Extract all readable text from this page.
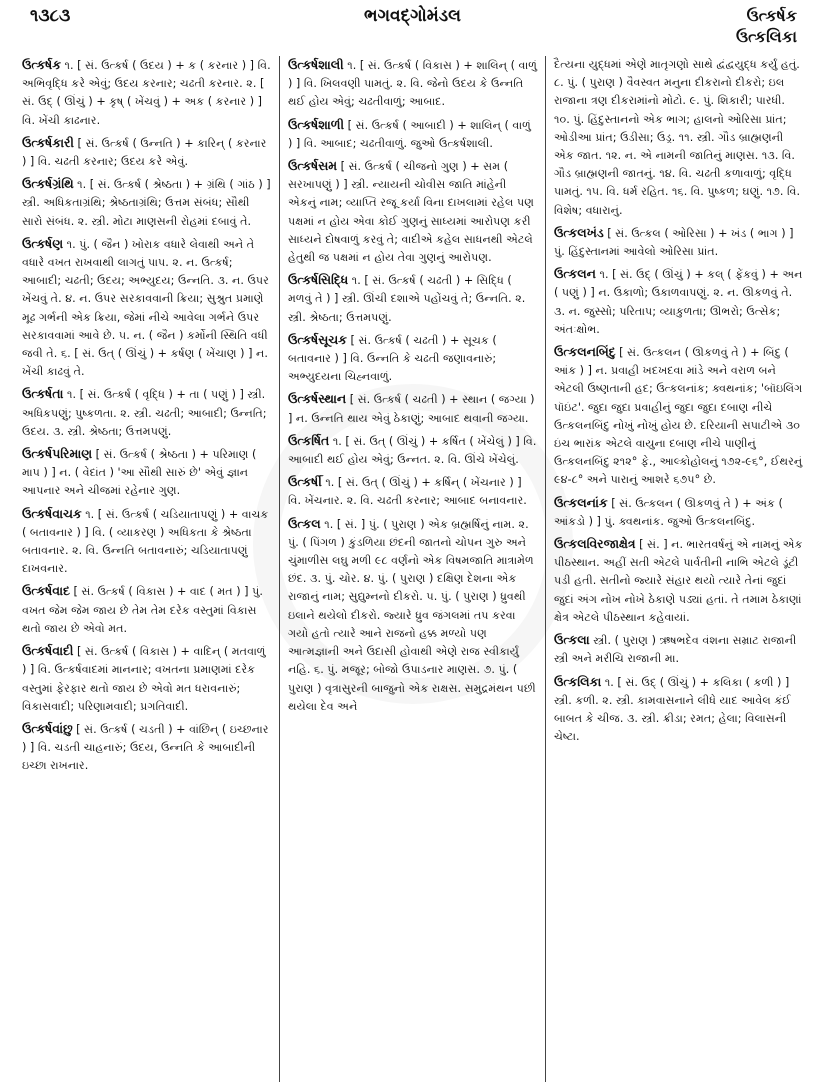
૧૩૮૩	ભગવદ્ગોમંડલ	ઉત્કર્ષક
ઉત્કલિકા
ઉત્કર્ષક ૧. [ સં. ઉત્કર્ષ ( ઉદય ) + ક ( કરનાર ) ] વિ. અભિવૃદ્ધિ કરે એવું; ઉદય કરનાર; ચઢતી કરનાર. ૨. [ સં. ઉદ્ ( ઊંચું ) + કૃષ્ ( ખેંચવું ) + અક ( કરનાર ) ] વિ. ખેંચી કાઢનાર.
ઉત્કર્ષકારી [ સં. ઉત્કર્ષ ( ઉન્નતિ ) + કારિન્ ( કરનાર ) ] વિ. ચઢતી કરનાર; ઉદય કરે એવું.
ઉત્કર્ષગ્રંથિ ૧. [ સં. ઉત્કર્ષ ( શ્રેષ્ઠતા ) + ગ્રંથિ ( ગાંઠ ) ] સ્ત્રી. અધિકતાગ્રંથિ; શ્રેષ્ઠતાગ્રંથિ; ઉત્તમ સંબંધ; સૌથી સારો સંબંધ. ૨. સ્ત્રી. મોટા માણસની રોહમાં દબાવું તે.
ઉત્કર્ષણ ૧. પું. ( જૈન ) ખોરાક વધારે લેવાથી અને તે વધારે વખત રાખવાથી લાગતું પાપ. ૨. ન. ઉત્કર્ષ; આબાદી; ચઢતી; ઉદય; અભ્યુદય; ઉન્નતિ. ૩. ન. ઉપર ખેંચવું તે. ૪. ન. ઉપર સરકાવવાની ક્રિયા; સુશ્રુત પ્રમાણે મૂઢ ગર્ભની એક ક્રિયા, જેમાં નીચે આવેલા ગર્ભને ઉપર સરકાવવામાં આવે છે. ૫. ન. ( જૈન ) કર્મોની સ્થિતિ વધી જવી તે. ૬. [ સં. ઉત્ ( ઊંચું ) + કર્ષણ ( ખેંચાણ ) ] ન. ખેંચી કાઢવું તે.
ઉત્કર્ષતા ૧. [ સં. ઉત્કર્ષ ( વૃદ્ધિ ) + તા ( પણું ) ] સ્ત્રી. અધિકપણું; પુષ્કળતા. ૨. સ્ત્રી. ચઢતી; આબાદી; ઉન્નતિ; ઉદય. ૩. સ્ત્રી. શ્રેષ્ઠતા; ઉત્તમપણું.
ઉત્કર્ષપરિમાણ [ સં. ઉત્કર્ષ ( શ્રેષ્ઠતા ) + પરિમાણ ( માપ ) ] ન. ( વેદાંત ) 'આ સૌથી સારું છે' એવું જ્ઞાન આપનાર અને ચીજમાં રહેનાર ગુણ.
ઉત્કર્ષવાચક ૧. [ સં. ઉત્કર્ષ ( ચડિયાતાપણું ) + વાચક ( બતાવનાર ) ] વિ. ( વ્યાકરણ ) અધિકતા કે શ્રેષ્ઠતા બતાવનાર. ૨. વિ. ઉન્નતિ બતાવનારું; ચડિયાતાપણું દાખવનાર.
ઉત્કર્ષવાદ [ સં. ઉત્કર્ષ ( વિકાસ ) + વાદ ( મત ) ] પું. વખત જેમ જેમ જાય છે તેમ તેમ દરેક વસ્તુમાં વિકાસ થતો જાય છે એવો મત.
ઉત્કર્ષવાદી [ સં. ઉત્કર્ષ ( વિકાસ ) + વાદિન્ ( મતવાળું ) ] વિ. ઉત્કર્ષવાદમાં માનનાર; વખતના પ્રમાણમાં દરેક વસ્તુમાં ફેરફાર થતો જાય છે એવો મત ધરાવનારું; વિકાસવાદી; પરિણામવાદી; પ્રગતિવાદી.
ઉત્કર્ષવાંછુ [ સં. ઉત્કર્ષ ( ચડતી ) + વાંછિન્ ( ઇચ્છનાર ) ] વિ. ચડતી ચાહનારું; ઉદય, ઉન્નતિ કે આબાદીની ઇચ્છા રાખનાર.
ઉત્કર્ષશાલી ૧. [ સં. ઉત્કર્ષ ( વિકાસ ) + શાલિન્ ( વાળું ) ] વિ. ખિલવણી પામતું. ૨. વિ. જેનો ઉદય કે ઉન્નતિ થઈ હોય એવું; ચઢતીવાળું; આબાદ.
ઉત્કર્ષશાળી [ સં. ઉત્કર્ષ ( આબાદી ) + શાલિન્ ( વાળું ) ] વિ. આબાદ; ચઢતીવાળું. જુઓ ઉત્કર્ષશાલી.
ઉત્કર્ષસમ [ સં. ઉત્કર્ષ ( ચીજનો ગુણ ) + સમ ( સરખાપણું ) ] સ્ત્રી. ન્યાયની ચોવીસ જાતિ માંહેની એકનું નામ; વ્યાપ્તિ રજૂ કર્યા વિના દાખલામાં રહેલ પણ પક્ષમાં ન હોય એવા કોઈ ગુણનું સાધ્યમાં આરોપણ કરી સાધ્યને દોષવાળું કરવું તે; વાદીએ કહેલ સાધનથી એટલે હેતુથી જ પક્ષમાં ન હોય તેવા ગુણનું આરોપણ.
ઉત્કર્ષસિદ્ધિ ૧. [ સં. ઉત્કર્ષ ( ચઢતી ) + સિદ્ધિ ( મળવું તે ) ] સ્ત્રી. ઊંચી દશાએ પહોંચવું તે; ઉન્નતિ. ૨. સ્ત્રી. શ્રેષ્ઠતા; ઉત્તમપણું.
ઉત્કર્ષસૂચક [ સં. ઉત્કર્ષ ( ચઢતી ) + સૂચક ( બતાવનાર ) ] વિ. ઉન્નતિ કે ચઢતી જણાવનારું; અભ્યુદયના ચિહ્નવાળું.
ઉત્કર્ષસ્થાન [ સં. ઉત્કર્ષ ( ચઢતી ) + સ્થાન ( જગ્યા ) ] ન. ઉન્નતિ થાય એવું ઠેકાણું; આબાદ થવાની જગ્યા.
ઉત્કર્ષિત ૧. [ સં. ઉત્ ( ઊંચું ) + કર્ષિત ( ખેંચેલું ) ] વિ. આબાદી થઈ હોય એવું; ઉન્નત. ૨. વિ. ઊંચે ખેંચેલું.
ઉત્કર્ષી ૧. [ સં. ઉત્ ( ઊંચું ) + કર્ષિન્ ( ખેંચનાર ) ] વિ. ખેંચનાર. ૨. વિ. ચઢતી કરનાર; આબાદ બનાવનાર.
ઉત્કલ ૧. [ સં. ] પું. ( પુરાણ ) એક બ્રહ્મર્ષિનું નામ. ૨. પું. ( પિંગળ ) કુંડળિયા છંદની જાતનો ચોપન ગુરુ અને ચુંમાળીસ લઘુ મળી ૯૮ વર્ણનો એક વિષમજાતિ માત્રામેળ છંદ. ૩. પું. ચોર. ૪. પું. ( પુરાણ ) દક્ષિણ દેશના એક રાજાનું નામ; સુદ્યુમ્નનો દીકરો. ૫. પું. ( પુરાણ ) ધ્રુવથી ઇલાને થયેલો દીકરો. જ્યારે ધ્રુવ જંગલમાં તપ કરવા ગયો હતો ત્યારે આને રાજનો હક્ક મળ્યો પણ આત્મજ્ઞાની અને ઉદાસી હોવાથી એણે રાજ સ્વીકાર્યું નહિ. ૬. પું. મજૂર; બોજો ઉપાડનાર માણસ. ૭. પું. ( પુરાણ ) વૃત્રાસુરની બાજુનો એક રાક્ષસ. સમુદ્રમંથન પછી થયેલા દેવ અને
દૈત્યના યુદ્ધમાં એણે માતૃગણો સાથે દ્વંદ્વયુદ્ધ કર્યું હતું. ૮. પું. ( પુરાણ ) વૈવસ્વત મનુના દીકરાનો દીકરો; ઇલ રાજાના ત્રણ દીકરામાંનો મોટો. ૯. પું. શિકારી; પારધી. ૧૦. પું. હિંદુસ્તાનનો એક ભાગ; હાલનો ઓરિસા પ્રાંત; ઓડીઆ પ્રાંત; ઉડીસા; ઉડ્ર. ૧૧. સ્ત્રી. ગૌડ બ્રાહ્મણની એક જાત. ૧૨. ન. એ નામની જાતિનું માણસ. ૧૩. વિ. ગૌડ બ્રાહ્મણની જાતનું. ૧૪. વિ. ચઢતી કળાવાળું; વૃદ્ધિ પામતું. ૧૫. વિ. ધર્મ રહિત. ૧૬. વિ. પુષ્કળ; ઘણું. ૧૭. વિ. વિશેષ; વધારાનું.
ઉત્કલખંડ [ સં. ઉત્કલ ( ઓરિસા ) + ખંડ ( ભાગ ) ] પું. હિંદુસ્તાનમાં આવેલો ઓરિસા પ્રાંત.
ઉત્કલન ૧. [ સં. ઉદ્ ( ઊંચું ) + કલ્ ( ફેંકવું ) + અન ( પણું ) ] ન. ઉકાળો; ઉકાળવાપણું. ૨. ન. ઊકળવું તે. ૩. ન. જુસ્સો; પરિતાપ; વ્યાકુળતા; ઊભરો; ઉત્સેક; અંતઃક્ષોભ.
ઉત્કલનબિંદુ [ સં. ઉત્કલન ( ઊકળવું તે ) + બિંદુ ( આંક ) ] ન. પ્રવાહી ખદખદવા માંડે અને વરાળ બને એટલી ઉષ્ણતાની હદ; ઉત્કલનાંક; ક્વથનાંક; 'બૉઇલિંગ પૉઇંટ'. જુદા જુદા પ્રવાહીનું જુદા જુદા દબાણ નીચે ઉત્કલનબિંદુ નોખું નોખું હોય છે. દરિયાની સપાટીએ ૩૦ ઇંચ ભારાંક એટલે વાયુના દબાણ નીચે પાણીનું ઉત્કલનબિંદુ ૨૧૨° ફે., આલ્કોહોલનું ૧૭૨-૯૬°, ઈથરનું ૯૪-૮° અને પારાનું આશરે ૬૭૫° છે.
ઉત્કલનાંક [ સં. ઉત્કલન ( ઊકળવું તે ) + અંક ( આંકડો ) ] પું. ક્વથનાંક. જુઓ ઉત્કલનબિંદુ.
ઉત્કલવિરજાક્ષેત્ર [ સં. ] ન. ભારતવર્ષનું એ નામનું એક પીઠસ્થાન. અહીં સતી એટલે પાર્વતીની નાભિ એટલે ડૂંટી પડી હતી. સતીનો જ્યારે સંહાર થયો ત્યારે તેનાં જુદાં જુદાં અંગ નોખ નોખે ઠેકાણે પડ્યાં હતાં. તે તમામ ઠેકાણાં ક્ષેત્ર એટલે પીઠસ્થાન કહેવાયાં.
ઉત્કલા સ્ત્રી. ( પુરાણ ) ઋષભદેવ વંશના સમ્રાટ રાજાની સ્ત્રી અને મરીચિ રાજાની મા.
ઉત્કલિકા ૧. [ સં. ઉદ્ ( ઊંચું ) + કલિકા ( કળી ) ] સ્ત્રી. કળી. ૨. સ્ત્રી. કામવાસનાને લીધે યાદ આવેલ કંઈ બાબત કે ચીજ. ૩. સ્ત્રી. ક્રીડા; રમત; હેલા; વિલાસની ચેષ્ટા.
